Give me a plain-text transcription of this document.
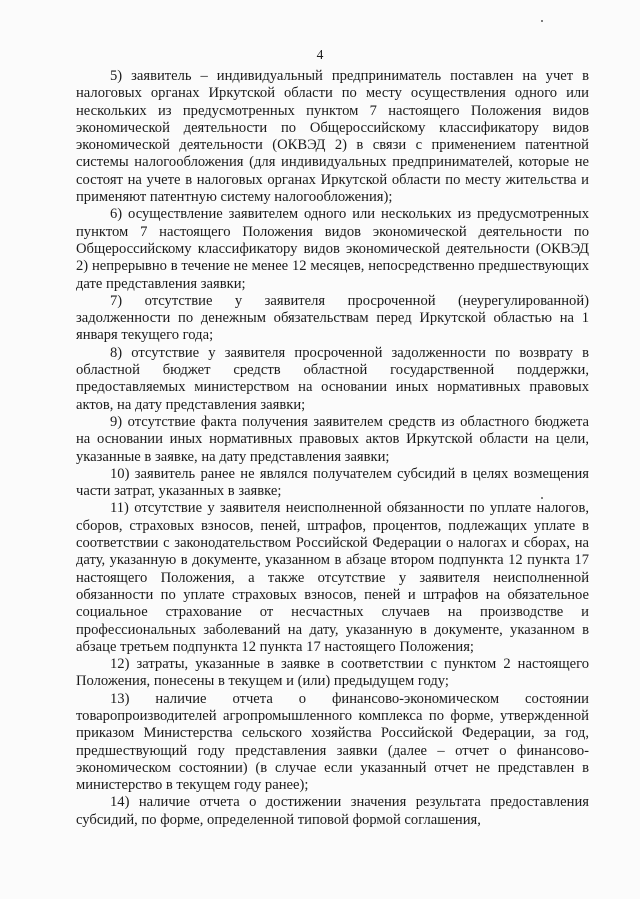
4

5) заявитель – индивидуальный предприниматель поставлен на учет в налоговых органах Иркутской области по месту осуществления одного или нескольких из предусмотренных пунктом 7 настоящего Положения видов экономической деятельности по Общероссийскому классификатору видов экономической деятельности (ОКВЭД 2) в связи с применением патентной системы налогообложения (для индивидуальных предпринимателей, которые не состоят на учете в налоговых органах Иркутской области по месту жительства и применяют патентную систему налогообложения);

6) осуществление заявителем одного или нескольких из предусмотренных пунктом 7 настоящего Положения видов экономической деятельности по Общероссийскому классификатору видов экономической деятельности (ОКВЭД 2) непрерывно в течение не менее 12 месяцев, непосредственно предшествующих дате представления заявки;

7) отсутствие у заявителя просроченной (неурегулированной) задолженности по денежным обязательствам перед Иркутской областью на 1 января текущего года;

8) отсутствие у заявителя просроченной задолженности по возврату в областной бюджет средств областной государственной поддержки, предоставляемых министерством на основании иных нормативных правовых актов, на дату представления заявки;

9) отсутствие факта получения заявителем средств из областного бюджета на основании иных нормативных правовых актов Иркутской области на цели, указанные в заявке, на дату представления заявки;

10) заявитель ранее не являлся получателем субсидий в целях возмещения части затрат, указанных в заявке;

11) отсутствие у заявителя неисполненной обязанности по уплате налогов, сборов, страховых взносов, пеней, штрафов, процентов, подлежащих уплате в соответствии с законодательством Российской Федерации о налогах и сборах, на дату, указанную в документе, указанном в абзаце втором подпункта 12 пункта 17 настоящего Положения, а также отсутствие у заявителя неисполненной обязанности по уплате страховых взносов, пеней и штрафов на обязательное социальное страхование от несчастных случаев на производстве и профессиональных заболеваний на дату, указанную в документе, указанном в абзаце третьем подпункта 12 пункта 17 настоящего Положения;

12) затраты, указанные в заявке в соответствии с пунктом 2 настоящего Положения, понесены в текущем и (или) предыдущем году;

13) наличие отчета о финансово-экономическом состоянии товаропроизводителей агропромышленного комплекса по форме, утвержденной приказом Министерства сельского хозяйства Российской Федерации, за год, предшествующий году представления заявки (далее – отчет о финансово-экономическом состоянии) (в случае если указанный отчет не представлен в министерство в текущем году ранее);

14) наличие отчета о достижении значения результата предоставления субсидий, по форме, определенной типовой формой соглашения,
